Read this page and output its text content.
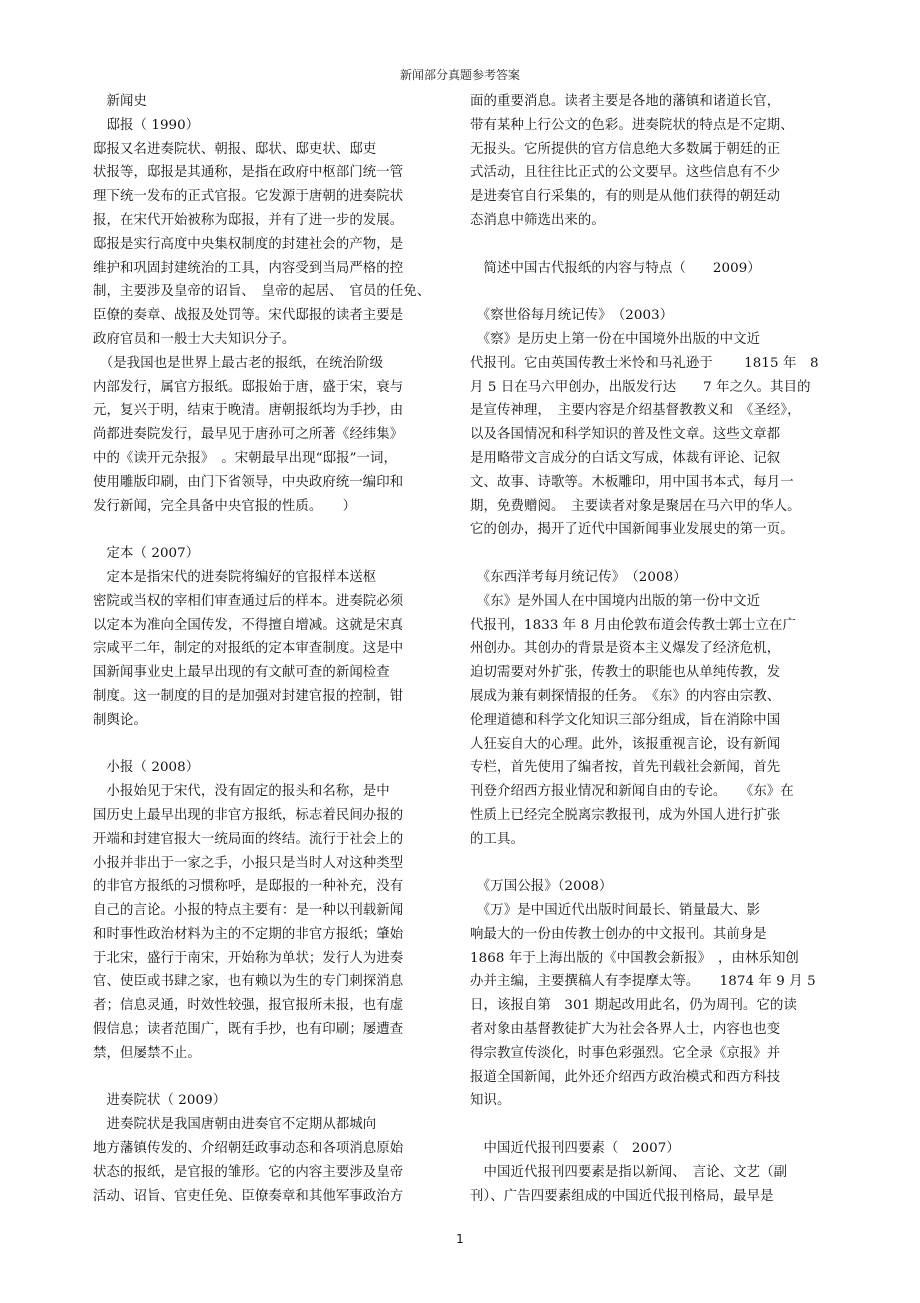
新闻部分真题参考答案
　新闻史
　邸报（ 1990）
邸报又名进奏院状、朝报、邸状、邸吏状、邸吏
状报等，邸报是其通称，是指在政府中枢部门统一管
理下统一发布的正式官报。它发源于唐朝的进奏院状
报，在宋代开始被称为邸报，并有了进一步的发展。
邸报是实行高度中央集权制度的封建社会的产物，是
维护和巩固封建统治的工具，内容受到当局严格的控
制，主要涉及皇帝的诏旨、　皇帝的起居、　官员的任免、
臣僚的奏章、战报及处罚等。宋代邸报的读者主要是
政府官员和一般士大夫知识分子。
　（是我国也是世界上最古老的报纸，在统治阶级
内部发行，属官方报纸。邸报始于唐，盛于宋，衰与
元，复兴于明，结束于晚清。唐朝报纸均为手抄，由
尚都进奏院发行，最早见于唐孙可之所著《经纬集》
中的《读开元杂报》　。宋朝最早出现“邸报”一词，
使用雕版印刷，由门下省领导，中央政府统一编印和
发行新闻，完全具备中央官报的性质。　　）
　定本（ 2007）
　定本是指宋代的进奏院将编好的官报样本送枢
密院或当权的宰相们审查通过后的样本。进奏院必须
以定本为准向全国传发，不得擅自增减。这就是宋真
宗咸平二年，制定的对报纸的定本审查制度。这是中
国新闻事业史上最早出现的有文献可查的新闻检查
制度。这一制度的目的是加强对封建官报的控制，钳
制舆论。
　小报（ 2008）
　小报始见于宋代，没有固定的报头和名称，是中
国历史上最早出现的非官方报纸，标志着民间办报的
开端和封建官报大一统局面的终结。流行于社会上的
小报并非出于一家之手，小报只是当时人对这种类型
的非官方报纸的习惯称呼，是邸报的一种补充，没有
自己的言论。小报的特点主要有：是一种以刊载新闻
和时事性政治材料为主的不定期的非官方报纸；肇始
于北宋，盛行于南宋，开始称为单状；发行人为进奏
官、使臣或书肆之家，也有赖以为生的专门刺探消息
者；信息灵通，时效性较强，报官报所未报，也有虚
假信息；读者范围广，既有手抄，也有印刷；屡遭查
禁，但屡禁不止。
　进奏院状（ 2009）
　进奏院状是我国唐朝由进奏官不定期从都城向
地方藩镇传发的、介绍朝廷政事动态和各项消息原始
状态的报纸，是官报的雏形。它的内容主要涉及皇帝
活动、诏旨、官吏任免、臣僚奏章和其他军事政治方
面的重要消息。读者主要是各地的藩镇和诸道长官，
带有某种上行公文的色彩。进奏院状的特点是不定期、
无报头。它所提供的官方信息绝大多数属于朝廷的正
式活动，且往往比正式的公文要早。这些信息有不少
是进奏官自行采集的，有的则是从他们获得的朝廷动
态消息中筛选出来的。
　简述中国古代报纸的内容与特点（　　2009）
　《察世俗每月统记传》　（2003）
　《察》是历史上第一份在中国境外出版的中文近
代报刊。它由英国传教士米怜和马礼逊于　　 1815 年　8
月 5 日在马六甲创办，出版发行达　　7 年之久。其目的
是宣传神理，　主要内容是介绍基督教教义和　《圣经》，
以及各国情况和科学知识的普及性文章。这些文章都
是用略带文言成分的白话文写成，体裁有评论、记叙
文、故事、诗歌等。木板雕印，用中国书本式，每月一
期，免费赠阅。　主要读者对象是聚居在马六甲的华人。
它的创办，揭开了近代中国新闻事业发展史的第一页。
　《东西洋考每月统记传》　（2008）
　《东》是外国人在中国境内出版的第一份中文近
代报刊，1833 年 8 月由伦敦布道会传教士郭士立在广
州创办。其创办的背景是资本主义爆发了经济危机，
迫切需要对外扩张，传教士的职能也从单纯传教，发
展成为兼有刺探情报的任务。　《东》的内容由宗教、
伦理道德和科学文化知识三部分组成，旨在消除中国
人狂妄自大的心理。此外，该报重视言论，设有新闻
专栏，首先使用了编者按，首先刊载社会新闻，首先
刊登介绍西方报业情况和新闻自由的专论。　　《东》在
性质上已经完全脱离宗教报刊，成为外国人进行扩张
的工具。
　《万国公报》（2008）
　《万》是中国近代出版时间最长、销量最大、影
响最大的一份由传教士创办的中文报刊。其前身是
1868 年于上海出版的《中国教会新报》　，由林乐知创
办并主编，主要撰稿人有李提摩太等。　　1874 年 9 月 5
日，该报自第　301 期起改用此名，仍为周刊。它的读
者对象由基督教徒扩大为社会各界人士，内容也也变
得宗教宣传淡化，时事色彩强烈。它全录《京报》并
报道全国新闻，此外还介绍西方政治模式和西方科技
知识。
　中国近代报刊四要素（　2007）
　中国近代报刊四要素是指以新闻、　言论、文艺（副
刊）、广告四要素组成的中国近代报刊格局，最早是
1
